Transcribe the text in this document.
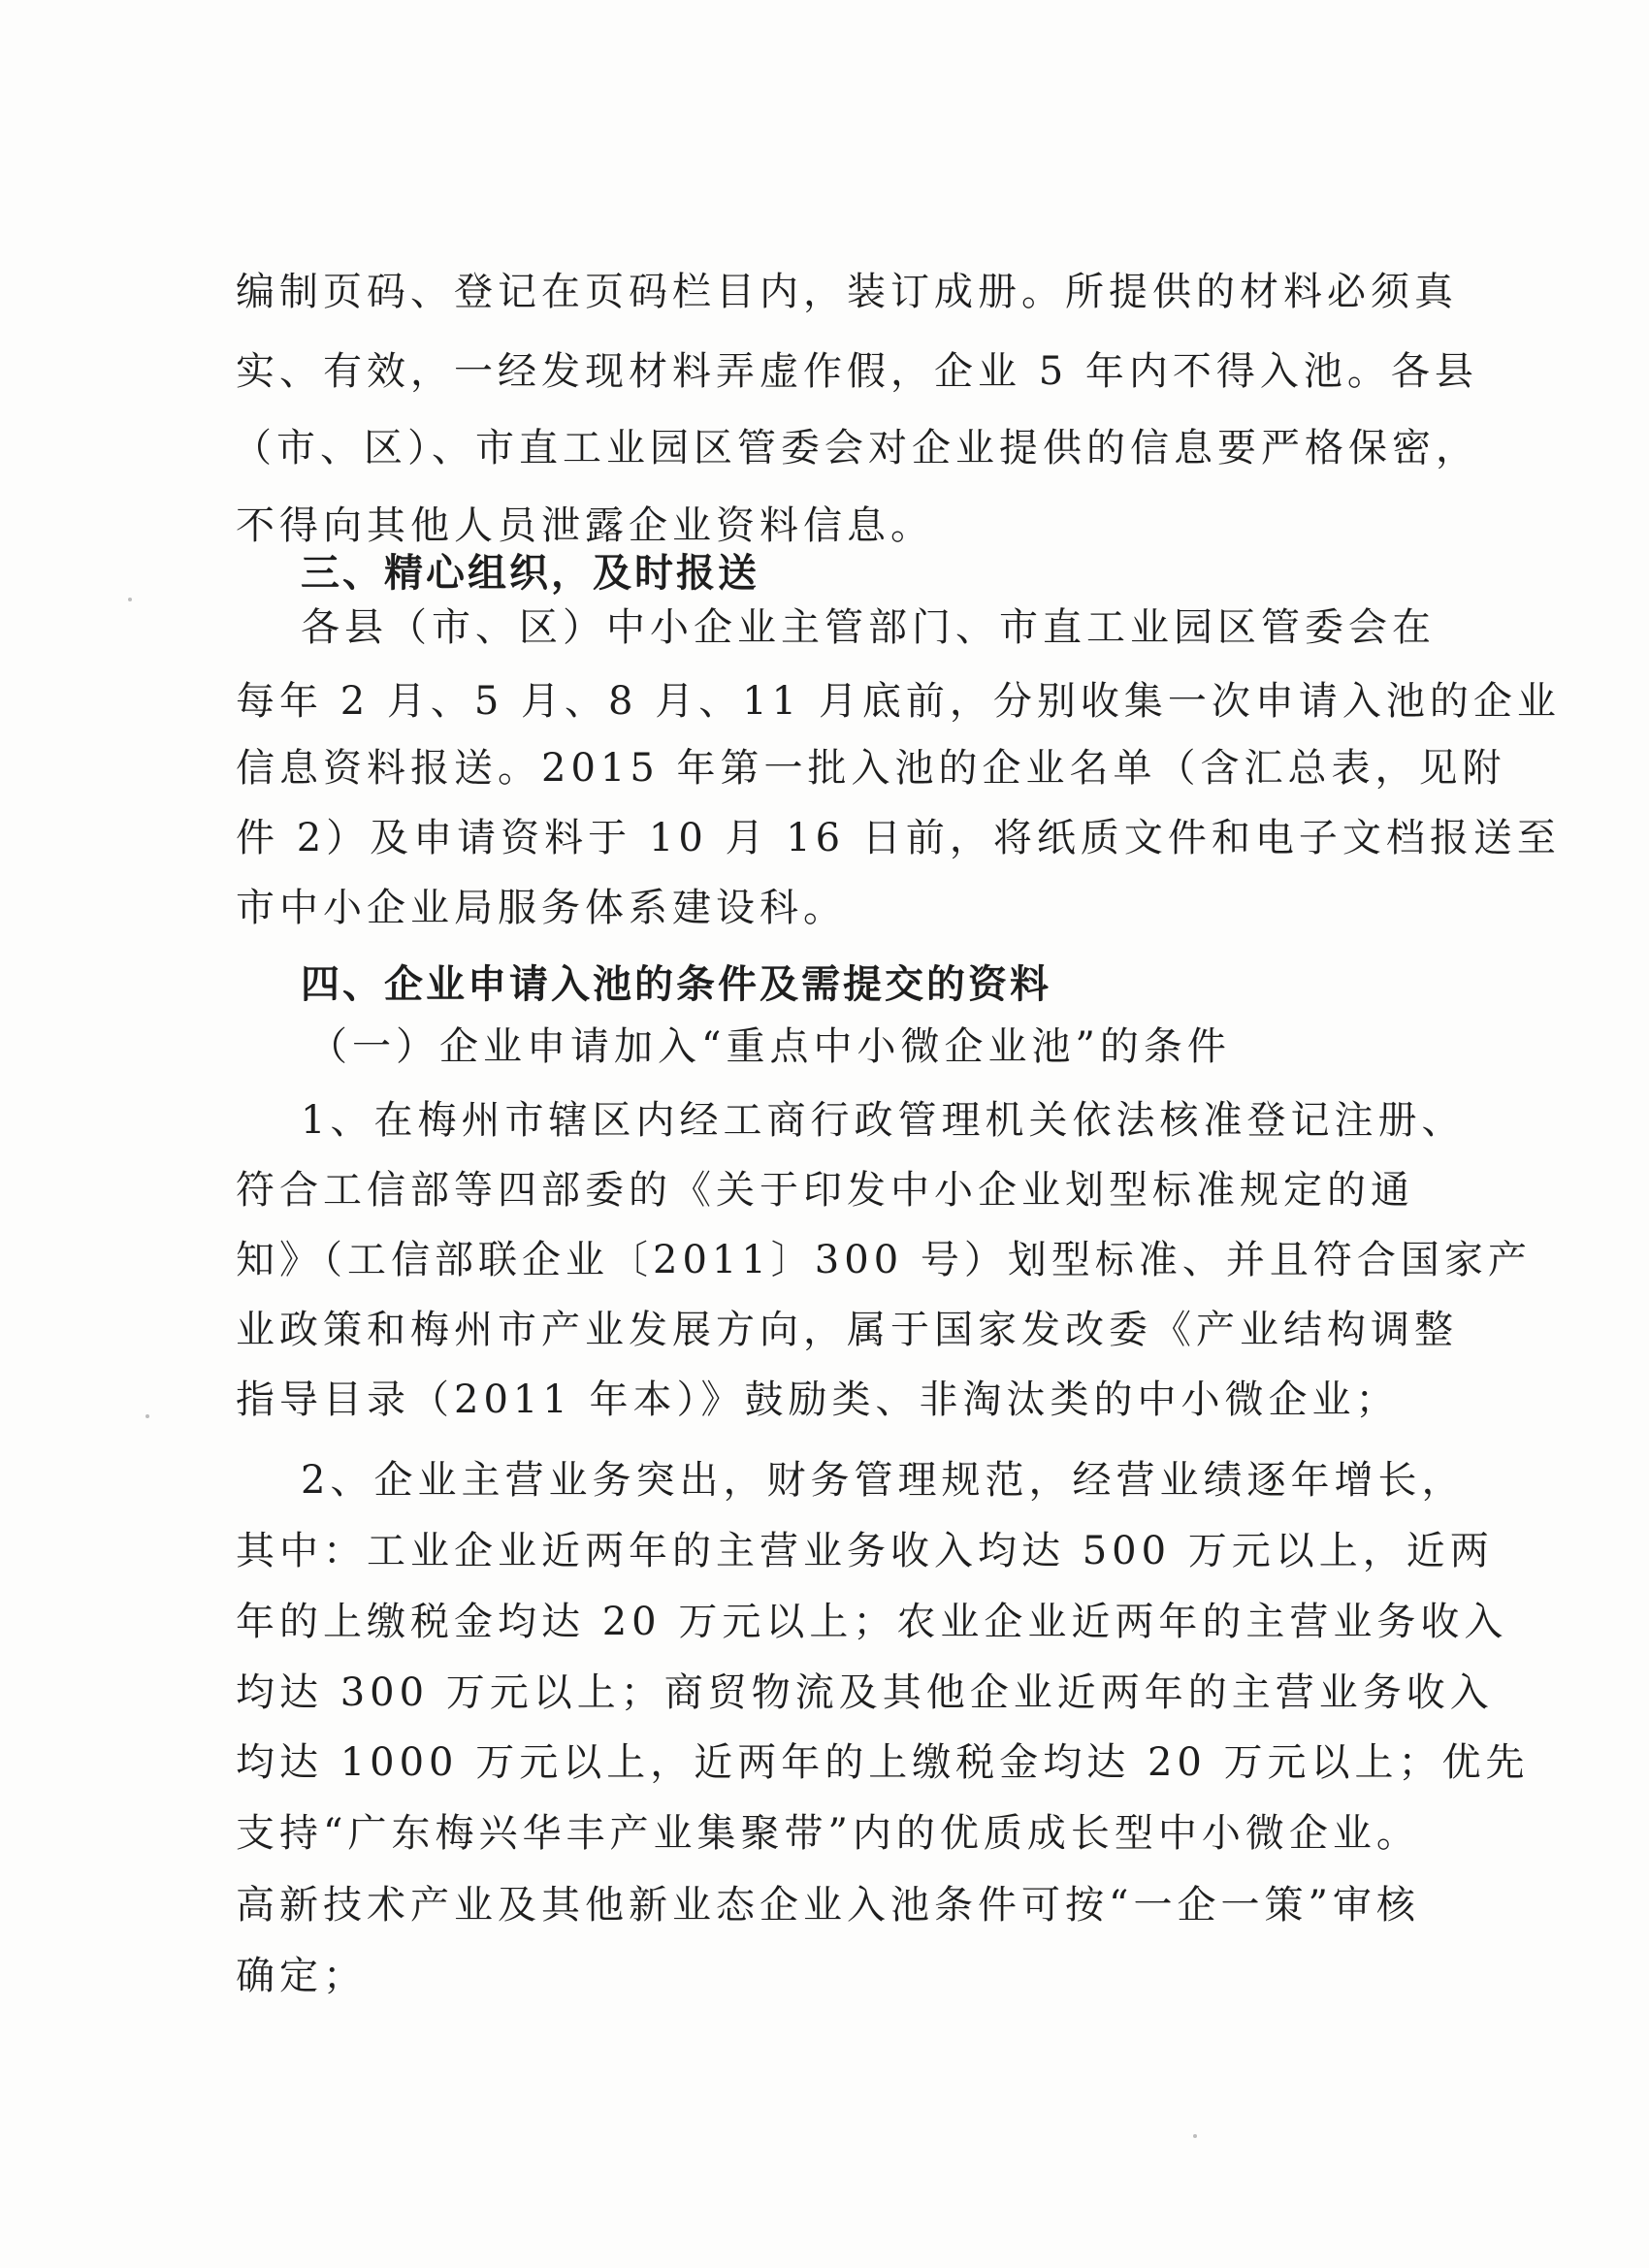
编制页码、登记在页码栏目内，装订成册。所提供的材料必须真
实、有效，一经发现材料弄虚作假，企业 5 年内不得入池。各县
（市、区）、市直工业园区管委会对企业提供的信息要严格保密，
不得向其他人员泄露企业资料信息。
三、精心组织，及时报送
各县（市、区）中小企业主管部门、市直工业园区管委会在
每年 2 月、5 月、8 月、11 月底前，分别收集一次申请入池的企业
信息资料报送。2015 年第一批入池的企业名单（含汇总表，见附
件 2）及申请资料于 10 月 16 日前，将纸质文件和电子文档报送至
市中小企业局服务体系建设科。
四、企业申请入池的条件及需提交的资料
（一）企业申请加入“重点中小微企业池”的条件
1、在梅州市辖区内经工商行政管理机关依法核准登记注册、
符合工信部等四部委的《关于印发中小企业划型标准规定的通
知》（工信部联企业〔2011〕300 号）划型标准、并且符合国家产
业政策和梅州市产业发展方向，属于国家发改委《产业结构调整
指导目录（2011 年本）》鼓励类、非淘汰类的中小微企业；
2、企业主营业务突出，财务管理规范，经营业绩逐年增长，
其中：工业企业近两年的主营业务收入均达 500 万元以上，近两
年的上缴税金均达 20 万元以上；农业企业近两年的主营业务收入
均达 300 万元以上；商贸物流及其他企业近两年的主营业务收入
均达 1000 万元以上，近两年的上缴税金均达 20 万元以上；优先
支持“广东梅兴华丰产业集聚带”内的优质成长型中小微企业。
高新技术产业及其他新业态企业入池条件可按“一企一策”审核
确定；
